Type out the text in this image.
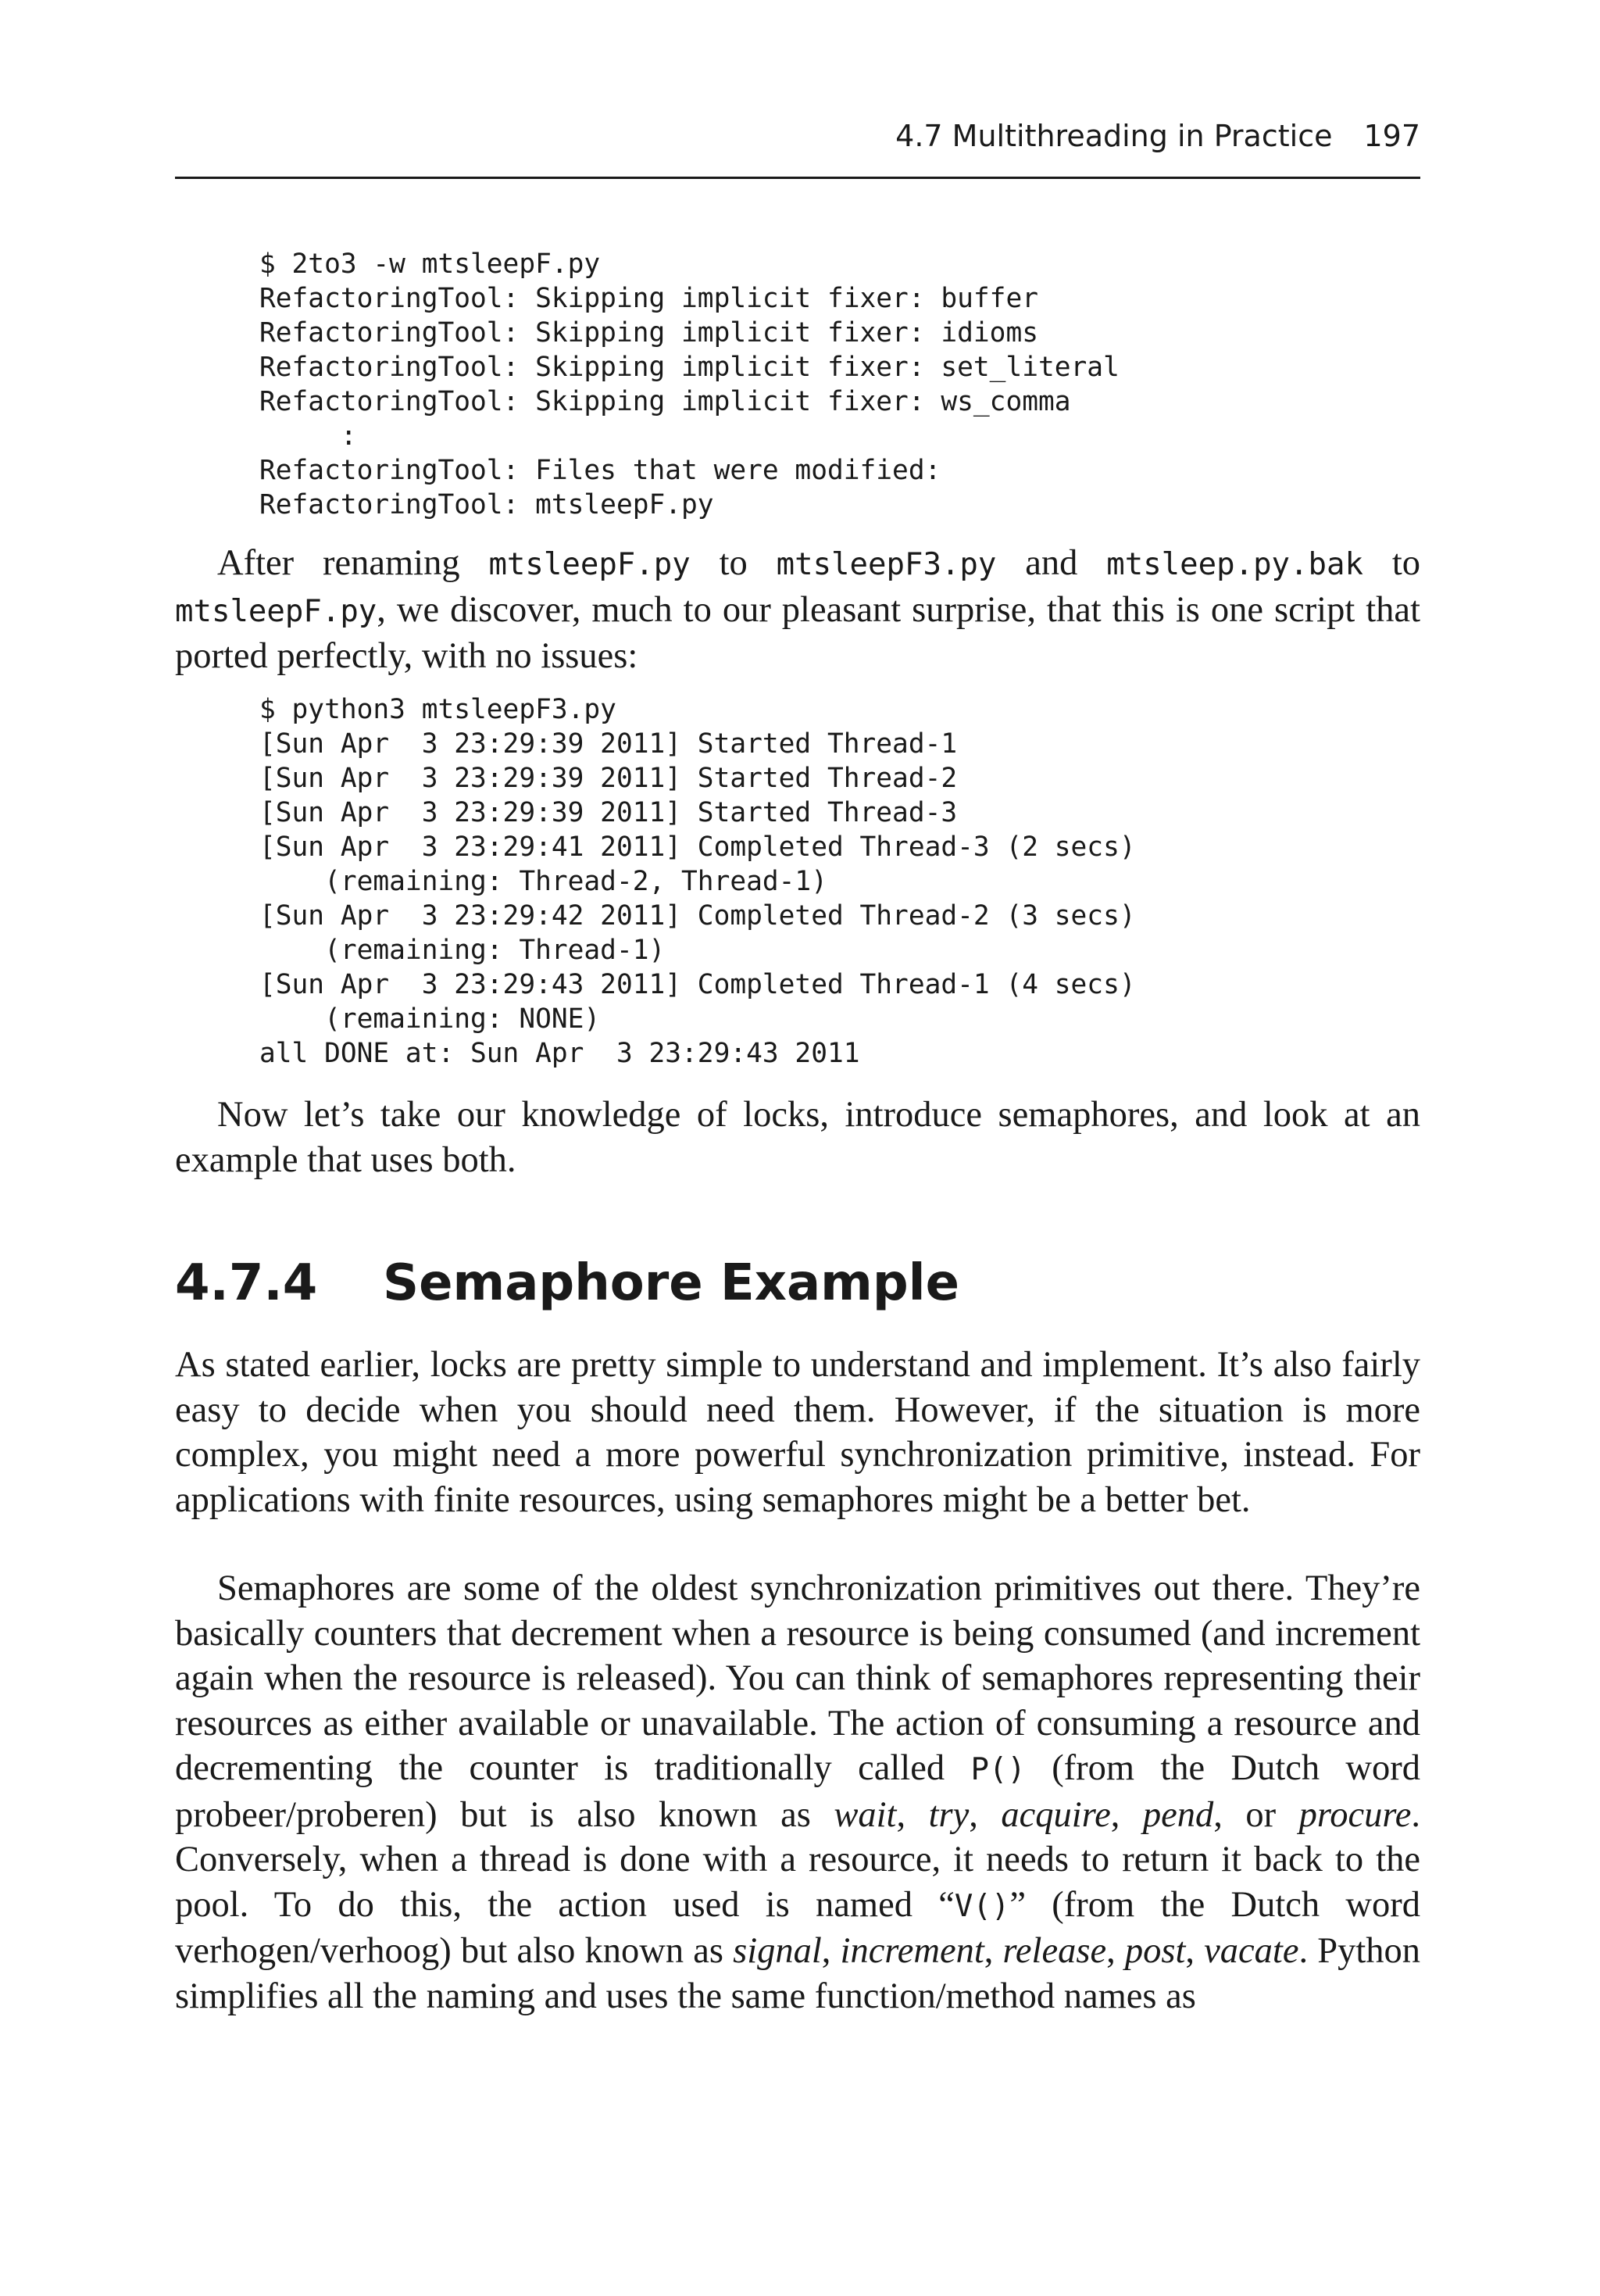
4.7 Multithreading in Practice 197
$ 2to3 -w mtsleepF.py
RefactoringTool: Skipping implicit fixer: buffer
RefactoringTool: Skipping implicit fixer: idioms
RefactoringTool: Skipping implicit fixer: set_literal
RefactoringTool: Skipping implicit fixer: ws_comma
:
RefactoringTool: Files that were modified:
RefactoringTool: mtsleepF.py

After renaming mtsleepF.py to mtsleepF3.py and mtsleep.py.bak to mtsleepF.py, we discover, much to our pleasant surprise, that this is one script that ported perfectly, with no issues:

$ python3 mtsleepF3.py
[Sun Apr  3 23:29:39 2011] Started Thread-1
[Sun Apr  3 23:29:39 2011] Started Thread-2
[Sun Apr  3 23:29:39 2011] Started Thread-3
[Sun Apr  3 23:29:41 2011] Completed Thread-3 (2 secs)
(remaining: Thread-2, Thread-1)
[Sun Apr  3 23:29:42 2011] Completed Thread-2 (3 secs)
(remaining: Thread-1)
[Sun Apr  3 23:29:43 2011] Completed Thread-1 (4 secs)
(remaining: NONE)
all DONE at: Sun Apr  3 23:29:43 2011

Now let’s take our knowledge of locks, introduce semaphores, and look at an example that uses both.

4.7.4 Semaphore Example

As stated earlier, locks are pretty simple to understand and implement. It’s also fairly easy to decide when you should need them. However, if the situation is more complex, you might need a more powerful synchronization primitive, instead. For applications with finite resources, using semaphores might be a better bet.

Semaphores are some of the oldest synchronization primitives out there. They’re basically counters that decrement when a resource is being consumed (and increment again when the resource is released). You can think of semaphores representing their resources as either available or unavailable. The action of consuming a resource and decrementing the counter is traditionally called P() (from the Dutch word probeer/proberen) but is also known as wait, try, acquire, pend, or procure. Conversely, when a thread is done with a resource, it needs to return it back to the pool. To do this, the action used is named “V()” (from the Dutch word verhogen/verhoog) but also known as signal, increment, release, post, vacate. Python simplifies all the naming and uses the same function/method names as
